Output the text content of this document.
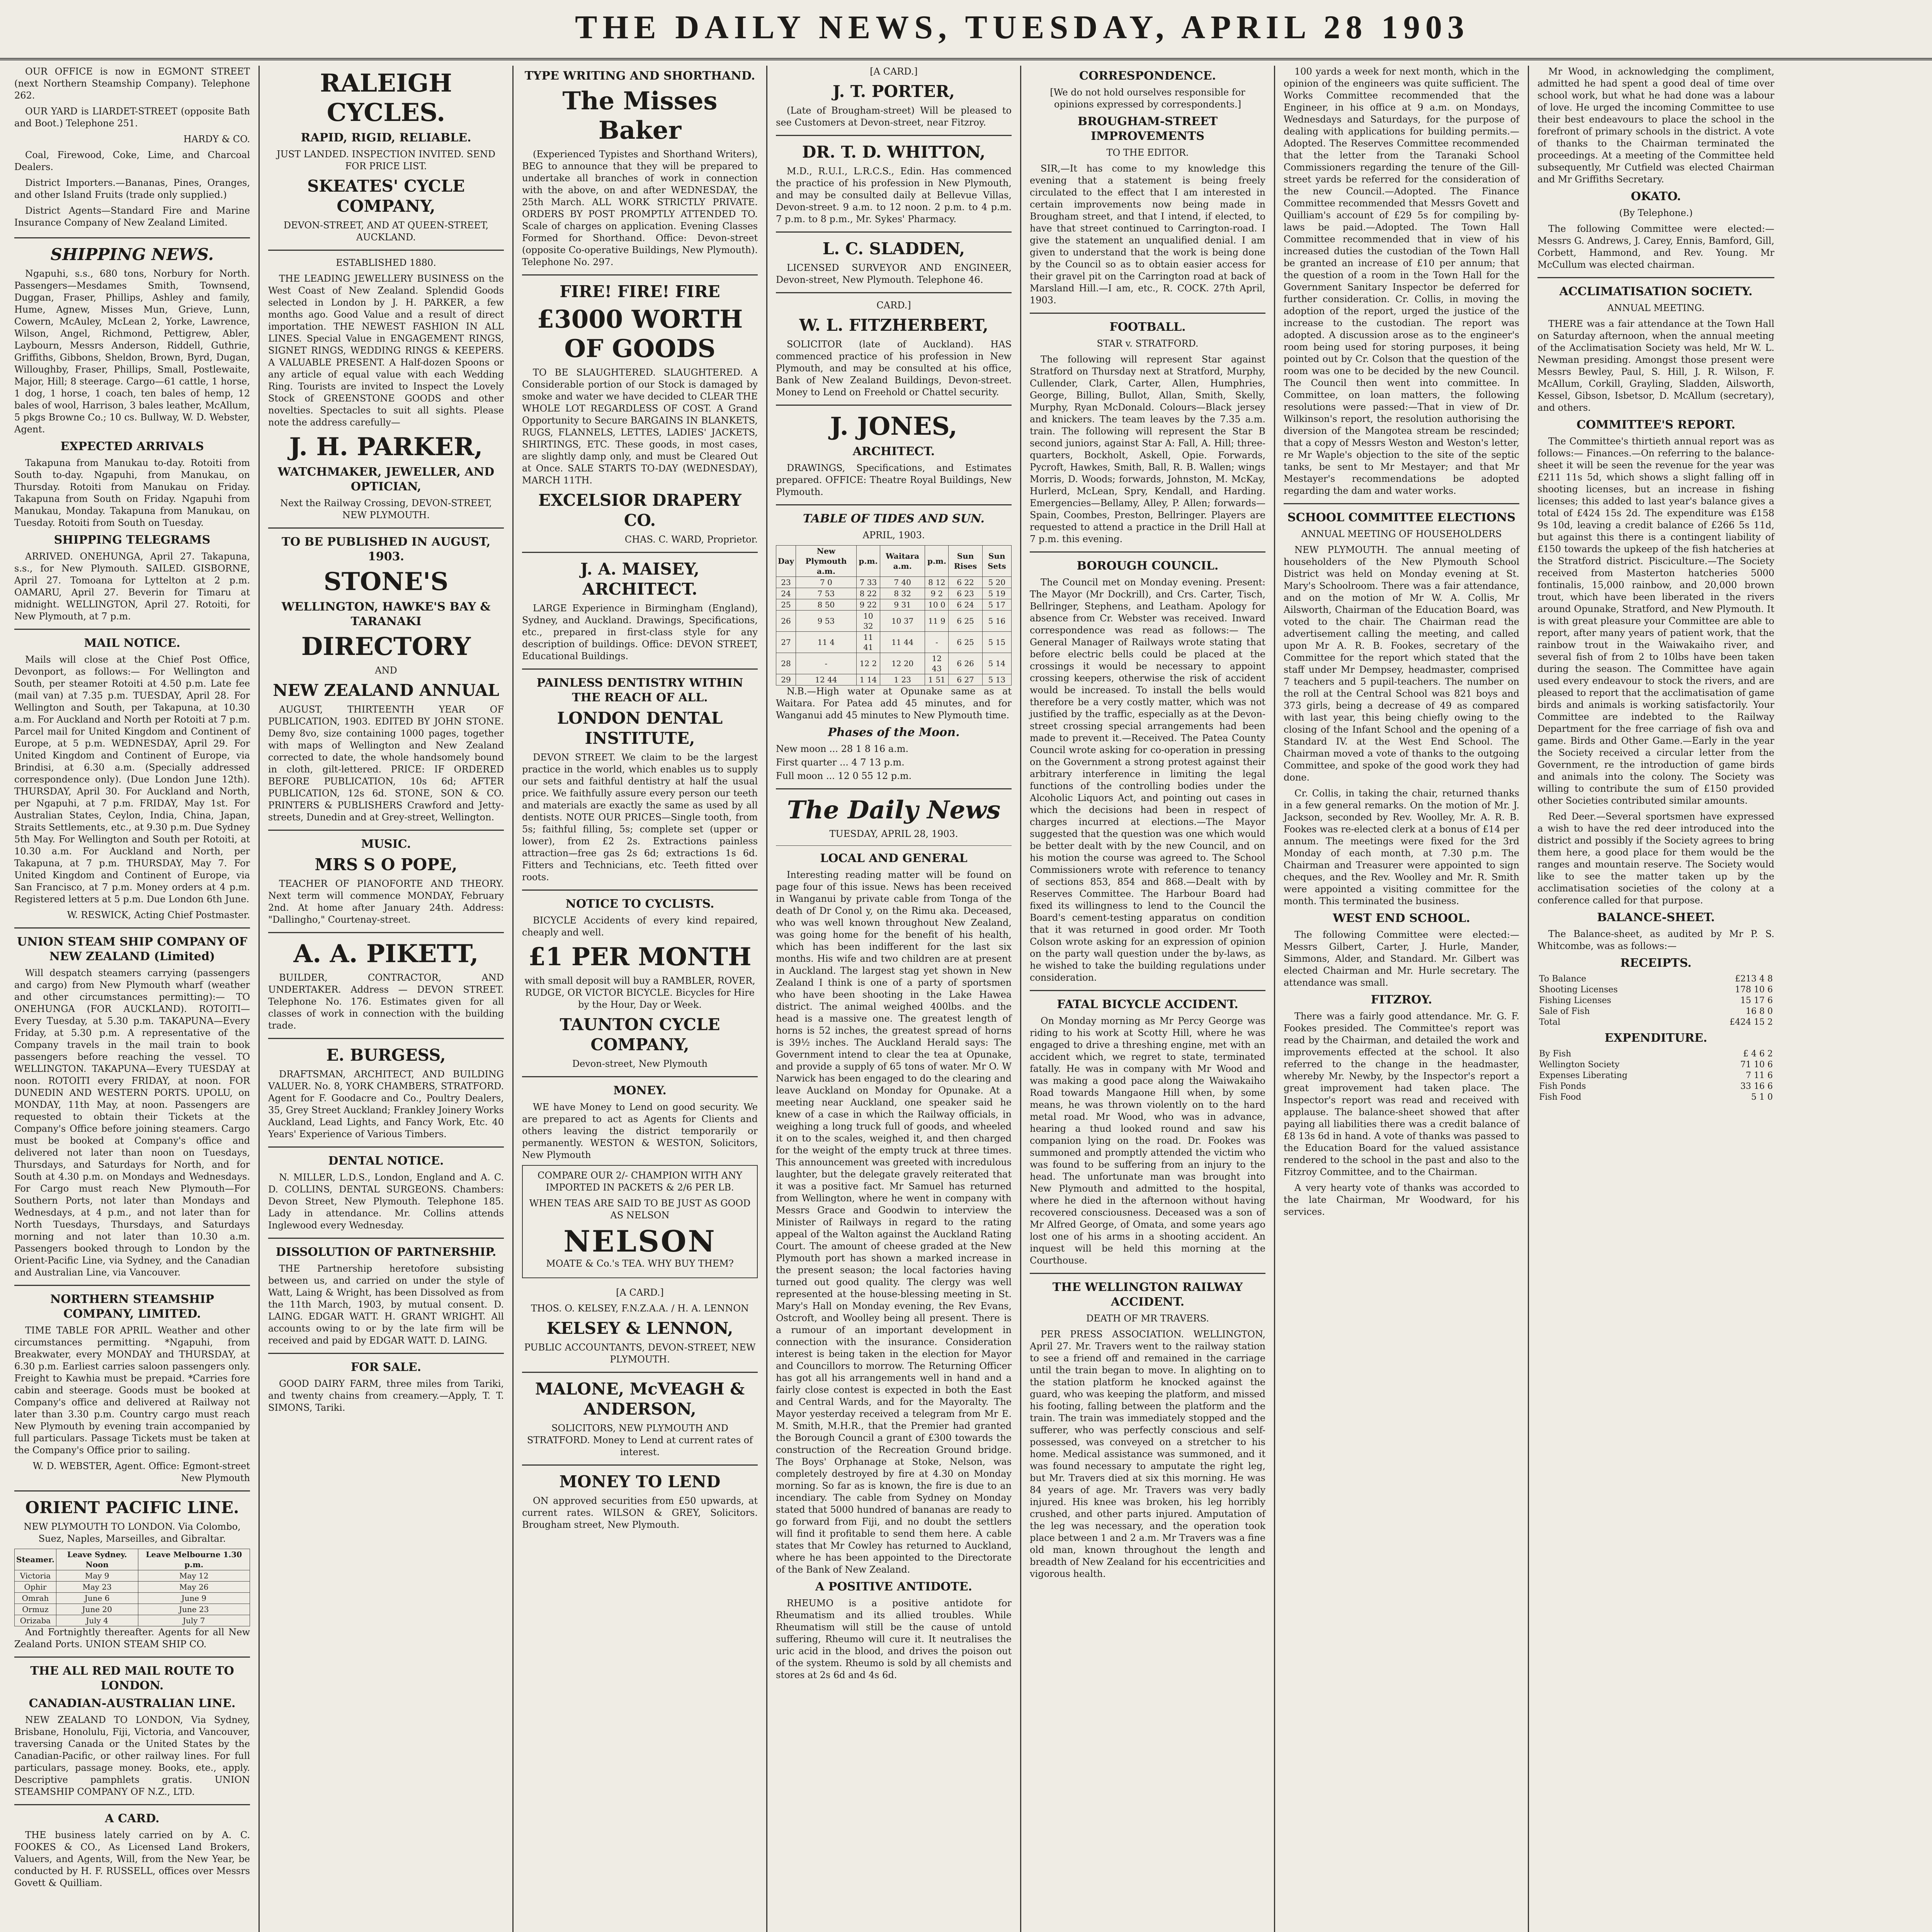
THE DAILY NEWS, TUESDAY, APRIL 28 1903

OUR OFFICE is now in EGMONT STREET (next Northern Steamship Company). Telephone 262.

OUR YARD is LIARDET-STREET (opposite Bath and Boot.) Telephone 251.

HARDY & CO.

Coal, Firewood, Coke, Lime, and Charcoal Dealers.

District Importers.—Bananas, Pines, Oranges, and other Island Fruits (trade only supplied.)

District Agents—Standard Fire and Marine Insurance Company of New Zealand Limited.

SHIPPING NEWS.

Ngapuhi, s.s., 680 tons, Norbury for North. Passengers—Mesdames Smith, Townsend, Duggan, Fraser, Phillips, Ashley and family, Hume, Agnew, Misses Mun, Grieve, Lunn, Cowern, McAuley, McLean 2, Yorke, Lawrence, Wilson, Angel, Richmond, Pettigrew, Abler, Laybourn, Messrs Anderson, Riddell, Guthrie, Griffiths, Gibbons, Sheldon, Brown, Byrd, Dugan, Willoughby, Fraser, Phillips, Small, Postlewaite, Major, Hill; 8 steerage. Cargo—61 cattle, 1 horse, 1 dog, 1 horse, 1 coach, ten bales of hemp, 12 bales of wool, Harrison, 3 bales leather, McAllum, 5 pkgs Browne Co.; 10 cs. Bullway, W. D. Webster, Agent.

EXPECTED ARRIVALS

Takapuna from Manukau to-day. Rotoiti from South to-day. Ngapuhi, from Manukau, on Thursday. Rotoiti from Manukau on Friday. Takapuna from South on Friday. Ngapuhi from Manukau, Monday. Takapuna from Manukau, on Tuesday. Rotoiti from South on Tuesday.

SHIPPING TELEGRAMS

ARRIVED. ONEHUNGA, April 27. Takapuna, s.s., for New Plymouth. SAILED. GISBORNE, April 27. Tomoana for Lyttelton at 2 p.m. OAMARU, April 27. Beverin for Timaru at midnight. WELLINGTON, April 27. Rotoiti, for New Plymouth, at 7 p.m.

MAIL NOTICE.

Mails will close at the Chief Post Office, Devonport, as follows:— For Wellington and South, per steamer Rotoiti at 4.50 p.m. Late fee (mail van) at 7.35 p.m. TUESDAY, April 28. For Wellington and South, per Takapuna, at 10.30 a.m. For Auckland and North per Rotoiti at 7 p.m. Parcel mail for United Kingdom and Continent of Europe, at 5 p.m. WEDNESDAY, April 29. For United Kingdom and Continent of Europe, via Brindisi, at 6.30 a.m. (Specially addressed correspondence only). (Due London June 12th). THURSDAY, April 30. For Auckland and North, per Ngapuhi, at 7 p.m. FRIDAY, May 1st. For Australian States, Ceylon, India, China, Japan, Straits Settlements, etc., at 9.30 p.m. Due Sydney 5th May. For Wellington and South per Rotoiti, at 10.30 a.m. For Auckland and North, per Takapuna, at 7 p.m. THURSDAY, May 7. For United Kingdom and Continent of Europe, via San Francisco, at 7 p.m. Money orders at 4 p.m. Registered letters at 5 p.m. Due London 6th June.

W. RESWICK, Acting Chief Postmaster.

UNION STEAM SHIP COMPANY OF NEW ZEALAND (Limited)

Will despatch steamers carrying (passengers and cargo) from New Plymouth wharf (weather and other circumstances permitting):— TO ONEHUNGA (FOR AUCKLAND). ROTOITI—Every Tuesday, at 5.30 p.m. TAKAPUNA—Every Friday, at 5.30 p.m. A representative of the Company travels in the mail train to book passengers before reaching the vessel. TO WELLINGTON. TAKAPUNA—Every TUESDAY at noon. ROTOITI every FRIDAY, at noon. FOR DUNEDIN AND WESTERN PORTS. UPOLU, on MONDAY, 11th May, at noon. Passengers are requested to obtain their Tickets at the Company's Office before joining steamers. Cargo must be booked at Company's office and delivered not later than noon on Tuesdays, Thursdays, and Saturdays for North, and for South at 4.30 p.m. on Mondays and Wednesdays. For Cargo must reach New Plymouth—For Southern Ports, not later than Mondays and Wednesdays, at 4 p.m., and not later than for North Tuesdays, Thursdays, and Saturdays morning and not later than 10.30 a.m. Passengers booked through to London by the Orient-Pacific Line, via Sydney, and the Canadian and Australian Line, via Vancouver.

NORTHERN STEAMSHIP COMPANY, LIMITED.

TIME TABLE FOR APRIL. Weather and other circumstances permitting. *Ngapuhi, from Breakwater, every MONDAY and THURSDAY, at 6.30 p.m. Earliest carries saloon passengers only. Freight to Kawhia must be prepaid. *Carries fore cabin and steerage. Goods must be booked at Company's office and delivered at Railway not later than 3.30 p.m. Country cargo must reach New Plymouth by evening train accompanied by full particulars. Passage Tickets must be taken at the Company's Office prior to sailing.

W. D. WEBSTER, Agent. Office: Egmont-street New Plymouth

ORIENT PACIFIC LINE.

NEW PLYMOUTH TO LONDON. Via Colombo, Suez, Naples, Marseilles, and Gibraltar.

Steamer.	Leave Sydney. Noon	Leave Melbourne 1.30 p.m.
Victoria	May 9	May 12
Ophir	May 23	May 26
Omrah	June 6	June 9
Ormuz	June 20	June 23
Orizaba	July 4	July 7

And Fortnightly thereafter. Agents for all New Zealand Ports. UNION STEAM SHIP CO.

THE ALL RED MAIL ROUTE TO LONDON.
CANADIAN-AUSTRALIAN LINE.

NEW ZEALAND TO LONDON, Via Sydney, Brisbane, Honolulu, Fiji, Victoria, and Vancouver, traversing Canada or the United States by the Canadian-Pacific, or other railway lines. For full particulars, passage money. Books, ete., apply. Descriptive pamphlets gratis. UNION STEAMSHIP COMPANY OF N.Z., LTD.

A CARD.

THE business lately carried on by A. C. FOOKES & CO., As Licensed Land Brokers, Valuers, and Agents, Will, from the New Year, be conducted by H. F. RUSSELL, offices over Messrs Govett & Quilliam.

RALEIGH CYCLES.
RAPID, RIGID, RELIABLE.

JUST LANDED. INSPECTION INVITED. SEND FOR PRICE LIST.

SKEATES' CYCLE COMPANY,

DEVON-STREET, AND AT QUEEN-STREET, AUCKLAND.

ESTABLISHED 1880.

THE LEADING JEWELLERY BUSINESS on the West Coast of New Zealand. Splendid Goods selected in London by J. H. PARKER, a few months ago. Good Value and a result of direct importation. THE NEWEST FASHION IN ALL LINES. Special Value in ENGAGEMENT RINGS, SIGNET RINGS, WEDDING RINGS & KEEPERS. A VALUABLE PRESENT. A Half-dozen Spoons or any article of equal value with each Wedding Ring. Tourists are invited to Inspect the Lovely Stock of GREENSTONE GOODS and other novelties. Spectacles to suit all sights. Please note the address carefully—

J. H. PARKER,
WATCHMAKER, JEWELLER, AND OPTICIAN,

Next the Railway Crossing, DEVON-STREET, NEW PLYMOUTH.

TO BE PUBLISHED IN AUGUST, 1903.
STONE'S
WELLINGTON, HAWKE'S BAY & TARANAKI
DIRECTORY

AND

NEW ZEALAND ANNUAL

AUGUST, THIRTEENTH YEAR OF PUBLICATION, 1903. EDITED BY JOHN STONE. Demy 8vo, size containing 1000 pages, together with maps of Wellington and New Zealand corrected to date, the whole handsomely bound in cloth, gilt-lettered. PRICE: IF ORDERED BEFORE PUBLICATION, 10s 6d; AFTER PUBLICATION, 12s 6d. STONE, SON & CO. PRINTERS & PUBLISHERS Crawford and Jetty-streets, Dunedin and at Grey-street, Wellington.

MUSIC.
MRS S O POPE,

TEACHER OF PIANOFORTE AND THEORY. Next term will commence MONDAY, February 2nd. At home after January 24th. Address: "Dallingho," Courtenay-street.

A. A. PIKETT,

BUILDER, CONTRACTOR, AND UNDERTAKER. Address — DEVON STREET. Telephone No. 176. Estimates given for all classes of work in connection with the building trade.

E. BURGESS,

DRAFTSMAN, ARCHITECT, AND BUILDING VALUER. No. 8, YORK CHAMBERS, STRATFORD. Agent for F. Goodacre and Co., Poultry Dealers, 35, Grey Street Auckland; Frankley Joinery Works Auckland, Lead Lights, and Fancy Work, Etc. 40 Years' Experience of Various Timbers.

DENTAL NOTICE.

N. MILLER, L.D.S., London, England and A. C. D. COLLINS, DENTAL SURGEONS. Chambers: Devon Street, New Plymouth. Telephone 185. Lady in attendance. Mr. Collins attends Inglewood every Wednesday.

DISSOLUTION OF PARTNERSHIP.

THE Partnership heretofore subsisting between us, and carried on under the style of Watt, Laing & Wright, has been Dissolved as from the 11th March, 1903, by mutual consent. D. LAING. EDGAR WATT. H. GRANT WRIGHT. All accounts owing to or by the late firm will be received and paid by EDGAR WATT. D. LAING.

FOR SALE.

GOOD DAIRY FARM, three miles from Tariki, and twenty chains from creamery.—Apply, T. T. SIMONS, Tariki.

TYPE WRITING AND SHORTHAND.
The Misses Baker

(Experienced Typistes and Shorthand Writers), BEG to announce that they will be prepared to undertake all branches of work in connection with the above, on and after WEDNESDAY, the 25th March. ALL WORK STRICTLY PRIVATE. ORDERS BY POST PROMPTLY ATTENDED TO. Scale of charges on application. Evening Classes Formed for Shorthand. Office: Devon-street (opposite Co-operative Buildings, New Plymouth). Telephone No. 297.

FIRE! FIRE! FIRE
£3000 WORTH OF GOODS

TO BE SLAUGHTERED. SLAUGHTERED. A Considerable portion of our Stock is damaged by smoke and water we have decided to CLEAR THE WHOLE LOT REGARDLESS OF COST. A Grand Opportunity to Secure BARGAINS IN BLANKETS, RUGS, FLANNELS, LETTES, LADIES' JACKETS, SHIRTINGS, ETC. These goods, in most cases, are slightly damp only, and must be Cleared Out at Once. SALE STARTS TO-DAY (WEDNESDAY), MARCH 11TH.

EXCELSIOR DRAPERY CO.

CHAS. C. WARD, Proprietor.

J. A. MAISEY, ARCHITECT.

LARGE Experience in Birmingham (England), Sydney, and Auckland. Drawings, Specifications, etc., prepared in first-class style for any description of buildings. Office: DEVON STREET, Educational Buildings.

PAINLESS DENTISTRY WITHIN THE REACH OF ALL.
LONDON DENTAL INSTITUTE,

DEVON STREET. We claim to be the largest practice in the world, which enables us to supply our sets and faithful dentistry at half the usual price. We faithfully assure every person our teeth and materials are exactly the same as used by all dentists. NOTE OUR PRICES—Single tooth, from 5s; faithful filling, 5s; complete set (upper or lower), from £2 2s. Extractions painless attraction—free gas 2s 6d; extractions 1s 6d. Fitters and Technicians, etc. Teeth fitted over roots.

NOTICE TO CYCLISTS.

BICYCLE Accidents of every kind repaired, cheaply and well.

£1 PER MONTH

with small deposit will buy a RAMBLER, ROVER, RUDGE, OR VICTOR BICYCLE. Bicycles for Hire by the Hour, Day or Week.

TAUNTON CYCLE COMPANY,

Devon-street, New Plymouth

MONEY.

WE have Money to Lend on good security. We are prepared to act as Agents for Clients and others leaving the district temporarily or permanently. WESTON & WESTON, Solicitors, New Plymouth

COMPARE OUR 2/- CHAMPION WITH ANY IMPORTED IN PACKETS & 2/6 PER LB.

WHEN TEAS ARE SAID TO BE JUST AS GOOD AS NELSON

NELSON

MOATE & Co.'s TEA. WHY BUY THEM?

[A CARD.]

THOS. O. KELSEY, F.N.Z.A.A. / H. A. LENNON

KELSEY & LENNON,

PUBLIC ACCOUNTANTS, DEVON-STREET, NEW PLYMOUTH.

MALONE, McVEAGH & ANDERSON,

SOLICITORS, NEW PLYMOUTH AND STRATFORD. Money to Lend at current rates of interest.

MONEY TO LEND

ON approved securities from £50 upwards, at current rates. WILSON & GREY, Solicitors. Brougham street, New Plymouth.

[A CARD.]

J. T. PORTER,

(Late of Brougham-street) Will be pleased to see Customers at Devon-street, near Fitzroy.

DR. T. D. WHITTON,

M.D., R.U.I., L.R.C.S., Edin. Has commenced the practice of his profession in New Plymouth, and may be consulted daily at Bellevue Villas, Devon-street. 9 a.m. to 12 noon. 2 p.m. to 4 p.m. 7 p.m. to 8 p.m., Mr. Sykes' Pharmacy.

L. C. SLADDEN,

LICENSED SURVEYOR AND ENGINEER, Devon-street, New Plymouth. Telephone 46.

CARD.]

W. L. FITZHERBERT,

SOLICITOR (late of Auckland). HAS commenced practice of his profession in New Plymouth, and may be consulted at his office, Bank of New Zealand Buildings, Devon-street. Money to Lend on Freehold or Chattel security.

J. JONES,
ARCHITECT.

DRAWINGS, Specifications, and Estimates prepared. OFFICE: Theatre Royal Buildings, New Plymouth.

TABLE OF TIDES AND SUN.

APRIL, 1903.

Day	New Plymouth a.m.	p.m.	Waitara a.m.	p.m.	Sun Rises	Sun Sets
23	7 0	7 33	7 40	8 12	6 22	5 20
24	7 53	8 22	8 32	9 2	6 23	5 19
25	8 50	9 22	9 31	10 0	6 24	5 17
26	9 53	10 32	10 37	11 9	6 25	5 16
27	11 4	11 41	11 44	-	6 25	5 15
28	-	12 2	12 20	12 43	6 26	5 14
29	12 44	1 14	1 23	1 51	6 27	5 13

N.B.—High water at Opunake same as at Waitara. For Patea add 45 minutes, and for Wanganui add 45 minutes to New Plymouth time.

Phases of the Moon.

New moon ... 28 1 8 16 a.m.

First quarter ... 4 7 13 p.m.

Full moon ... 12 0 55 12 p.m.

The Daily News

TUESDAY, APRIL 28, 1903.

LOCAL AND GENERAL

Interesting reading matter will be found on page four of this issue. News has been received in Wanganui by private cable from Tonga of the death of Dr Conol y, on the Rimu aka. Deceased, who was well known throughout New Zealand, was going home for the benefit of his health, which has been indifferent for the last six months. His wife and two children are at present in Auckland. The largest stag yet shown in New Zealand I think is one of a party of sportsmen who have been shooting in the Lake Hawea district. The animal weighed 400lbs. and the head is a massive one. The greatest length of horns is 52 inches, the greatest spread of horns is 39½ inches. The Auckland Herald says: The Government intend to clear the tea at Opunake, and provide a supply of 65 tons of water. Mr O. W Narwick has been engaged to do the clearing and leave Auckland on Monday for Opunake. At a meeting near Auckland, one speaker said he knew of a case in which the Railway officials, in weighing a long truck full of goods, and wheeled it on to the scales, weighed it, and then charged for the weight of the empty truck at three times. This announcement was greeted with incredulous laughter, but the delegate gravely reiterated that it was a positive fact. Mr Samuel has returned from Wellington, where he went in company with Messrs Grace and Goodwin to interview the Minister of Railways in regard to the rating appeal of the Walton against the Auckland Rating Court. The amount of cheese graded at the New Plymouth port has shown a marked increase in the present season; the local factories having turned out good quality. The clergy was well represented at the house-blessing meeting in St. Mary's Hall on Monday evening, the Rev Evans, Ostcroft, and Woolley being all present. There is a rumour of an important development in connection with the insurance. Consideration interest is being taken in the election for Mayor and Councillors to morrow. The Returning Officer has got all his arrangements well in hand and a fairly close contest is expected in both the East and Central Wards, and for the Mayoralty. The Mayor yesterday received a telegram from Mr E. M. Smith, M.H.R., that the Premier had granted the Borough Council a grant of £300 towards the construction of the Recreation Ground bridge. The Boys' Orphanage at Stoke, Nelson, was completely destroyed by fire at 4.30 on Monday morning. So far as is known, the fire is due to an incendiary. The cable from Sydney on Monday stated that 5000 hundred of bananas are ready to go forward from Fiji, and no doubt the settlers will find it profitable to send them here. A cable states that Mr Cowley has returned to Auckland, where he has been appointed to the Directorate of the Bank of New Zealand.

A POSITIVE ANTIDOTE.

RHEUMO is a positive antidote for Rheumatism and its allied troubles. While Rheumatism will still be the cause of untold suffering, Rheumo will cure it. It neutralises the uric acid in the blood, and drives the poison out of the system. Rheumo is sold by all chemists and stores at 2s 6d and 4s 6d.

CORRESPONDENCE.

[We do not hold ourselves responsible for opinions expressed by correspondents.]

BROUGHAM-STREET IMPROVEMENTS

TO THE EDITOR.

SIR,—It has come to my knowledge this evening that a statement is being freely circulated to the effect that I am interested in certain improvements now being made in Brougham street, and that I intend, if elected, to have that street continued to Carrington-road. I give the statement an unqualified denial. I am given to understand that the work is being done by the Council so as to obtain easier access for their gravel pit on the Carrington road at back of Marsland Hill.—I am, etc., R. COCK. 27th April, 1903.

FOOTBALL.

STAR v. STRATFORD.

The following will represent Star against Stratford on Thursday next at Stratford, Murphy, Cullender, Clark, Carter, Allen, Humphries, George, Billing, Bullot, Allan, Smith, Skelly, Murphy, Ryan McDonald. Colours—Black jersey and knickers. The team leaves by the 7.35 a.m. train. The following will represent the Star B second juniors, against Star A: Fall, A. Hill; three-quarters, Bockholt, Askell, Opie. Forwards, Pycroft, Hawkes, Smith, Ball, R. B. Wallen; wings Morris, D. Woods; forwards, Johnston, M. McKay, Hurlerd, McLean, Spry, Kendall, and Harding. Emergencies—Bellamy, Alley, P. Allen; forwards—Spain, Coombes, Preston, Bellringer. Players are requested to attend a practice in the Drill Hall at 7 p.m. this evening.

BOROUGH COUNCIL.

The Council met on Monday evening. Present: The Mayor (Mr Dockrill), and Crs. Carter, Tisch, Bellringer, Stephens, and Leatham. Apology for absence from Cr. Webster was received. Inward correspondence was read as follows:— The General Manager of Railways wrote stating that before electric bells could be placed at the crossings it would be necessary to appoint crossing keepers, otherwise the risk of accident would be increased. To install the bells would therefore be a very costly matter, which was not justified by the traffic, especially as at the Devon-street crossing special arrangements had been made to prevent it.—Received. The Patea County Council wrote asking for co-operation in pressing on the Government a strong protest against their arbitrary interference in limiting the legal functions of the controlling bodies under the Alcoholic Liquors Act, and pointing out cases in which the decisions had been in respect of charges incurred at elections.—The Mayor suggested that the question was one which would be better dealt with by the new Council, and on his motion the course was agreed to. The School Commissioners wrote with reference to tenancy of sections 853, 854 and 868.—Dealt with by Reserves Committee. The Harbour Board had fixed its willingness to lend to the Council the Board's cement-testing apparatus on condition that it was returned in good order. Mr Tooth Colson wrote asking for an expression of opinion on the party wall question under the by-laws, as he wished to take the building regulations under consideration.

FATAL BICYCLE ACCIDENT.

On Monday morning as Mr Percy George was riding to his work at Scotty Hill, where he was engaged to drive a threshing engine, met with an accident which, we regret to state, terminated fatally. He was in company with Mr Wood and was making a good pace along the Waiwakaiho Road towards Mangaone Hill when, by some means, he was thrown violently on to the hard metal road. Mr Wood, who was in advance, hearing a thud looked round and saw his companion lying on the road. Dr. Fookes was summoned and promptly attended the victim who was found to be suffering from an injury to the head. The unfortunate man was brought into New Plymouth and admitted to the hospital, where he died in the afternoon without having recovered consciousness. Deceased was a son of Mr Alfred George, of Omata, and some years ago lost one of his arms in a shooting accident. An inquest will be held this morning at the Courthouse.

THE WELLINGTON RAILWAY ACCIDENT.

DEATH OF MR TRAVERS.

PER PRESS ASSOCIATION. WELLINGTON, April 27. Mr. Travers went to the railway station to see a friend off and remained in the carriage until the train began to move. In alighting on to the station platform he knocked against the guard, who was keeping the platform, and missed his footing, falling between the platform and the train. The train was immediately stopped and the sufferer, who was perfectly conscious and self-possessed, was conveyed on a stretcher to his home. Medical assistance was summoned, and it was found necessary to amputate the right leg, but Mr. Travers died at six this morning. He was 84 years of age. Mr. Travers was very badly injured. His knee was broken, his leg horribly crushed, and other parts injured. Amputation of the leg was necessary, and the operation took place between 1 and 2 a.m. Mr Travers was a fine old man, known throughout the length and breadth of New Zealand for his eccentricities and vigorous health.

100 yards a week for next month, which in the opinion of the engineers was quite sufficient. The Works Committee recommended that the Engineer, in his office at 9 a.m. on Mondays, Wednesdays and Saturdays, for the purpose of dealing with applications for building permits.—Adopted. The Reserves Committee recommended that the letter from the Taranaki School Commissioners regarding the tenure of the Gill-street yards be referred for the consideration of the new Council.—Adopted. The Finance Committee recommended that Messrs Govett and Quilliam's account of £29 5s for compiling by-laws be paid.—Adopted. The Town Hall Committee recommended that in view of his increased duties the custodian of the Town Hall be granted an increase of £10 per annum; that the question of a room in the Town Hall for the Government Sanitary Inspector be deferred for further consideration. Cr. Collis, in moving the adoption of the report, urged the justice of the increase to the custodian. The report was adopted. A discussion arose as to the engineer's room being used for storing purposes, it being pointed out by Cr. Colson that the question of the room was one to be decided by the new Council. The Council then went into committee. In Committee, on loan matters, the following resolutions were passed:—That in view of Dr. Wilkinson's report, the resolution authorising the diversion of the Mangotea stream be rescinded; that a copy of Messrs Weston and Weston's letter, re Mr Waple's objection to the site of the septic tanks, be sent to Mr Mestayer; and that Mr Mestayer's recommendations be adopted regarding the dam and water works.

SCHOOL COMMITTEE ELECTIONS

ANNUAL MEETING OF HOUSEHOLDERS

NEW PLYMOUTH. The annual meeting of householders of the New Plymouth School District was held on Monday evening at St. Mary's Schoolroom. There was a fair attendance, and on the motion of Mr W. A. Collis, Mr Ailsworth, Chairman of the Education Board, was voted to the chair. The Chairman read the advertisement calling the meeting, and called upon Mr A. R. B. Fookes, secretary of the Committee for the report which stated that the staff under Mr Dempsey, headmaster, comprised 7 teachers and 5 pupil-teachers. The number on the roll at the Central School was 821 boys and 373 girls, being a decrease of 49 as compared with last year, this being chiefly owing to the closing of the Infant School and the opening of a Standard IV. at the West End School. The Chairman moved a vote of thanks to the outgoing Committee, and spoke of the good work they had done.

Cr. Collis, in taking the chair, returned thanks in a few general remarks. On the motion of Mr. J. Jackson, seconded by Rev. Woolley, Mr. A. R. B. Fookes was re-elected clerk at a bonus of £14 per annum. The meetings were fixed for the 3rd Monday of each month, at 7.30 p.m. The Chairman and Treasurer were appointed to sign cheques, and the Rev. Woolley and Mr. R. Smith were appointed a visiting committee for the month. This terminated the business.

WEST END SCHOOL.

The following Committee were elected:—Messrs Gilbert, Carter, J. Hurle, Mander, Simmons, Alder, and Standard. Mr. Gilbert was elected Chairman and Mr. Hurle secretary. The attendance was small.

FITZROY.

There was a fairly good attendance. Mr. G. F. Fookes presided. The Committee's report was read by the Chairman, and detailed the work and improvements effected at the school. It also referred to the change in the headmaster, whereby Mr. Newby, by the Inspector's report a great improvement had taken place. The Inspector's report was read and received with applause. The balance-sheet showed that after paying all liabilities there was a credit balance of £8 13s 6d in hand. A vote of thanks was passed to the Education Board for the valued assistance rendered to the school in the past and also to the Fitzroy Committee, and to the Chairman.

A very hearty vote of thanks was accorded to the late Chairman, Mr Woodward, for his services.

Mr Wood, in acknowledging the compliment, admitted he had spent a good deal of time over school work, but what he had done was a labour of love. He urged the incoming Committee to use their best endeavours to place the school in the forefront of primary schools in the district. A vote of thanks to the Chairman terminated the proceedings. At a meeting of the Committee held subsequently, Mr Cutfield was elected Chairman and Mr Griffiths Secretary.

OKATO.

(By Telephone.)

The following Committee were elected:—Messrs G. Andrews, J. Carey, Ennis, Bamford, Gill, Corbett, Hammond, and Rev. Young. Mr McCullum was elected chairman.

ACCLIMATISATION SOCIETY.

ANNUAL MEETING.

THERE was a fair attendance at the Town Hall on Saturday afternoon, when the annual meeting of the Acclimatisation Society was held, Mr W. L. Newman presiding. Amongst those present were Messrs Bewley, Paul, S. Hill, J. R. Wilson, F. McAllum, Corkill, Grayling, Sladden, Ailsworth, Kessel, Gibson, Isbetsor, D. McAllum (secretary), and others.

COMMITTEE'S REPORT.

The Committee's thirtieth annual report was as follows:— Finances.—On referring to the balance-sheet it will be seen the revenue for the year was £211 11s 5d, which shows a slight falling off in shooting licenses, but an increase in fishing licenses; this added to last year's balance gives a total of £424 15s 2d. The expenditure was £158 9s 10d, leaving a credit balance of £266 5s 11d, but against this there is a contingent liability of £150 towards the upkeep of the fish hatcheries at the Stratford district. Pisciculture.—The Society received from Masterton hatcheries 5000 fontinalis, 15,000 rainbow, and 20,000 brown trout, which have been liberated in the rivers around Opunake, Stratford, and New Plymouth. It is with great pleasure your Committee are able to report, after many years of patient work, that the rainbow trout in the Waiwakaiho river, and several fish of from 2 to 10lbs have been taken during the season. The Committee have again used every endeavour to stock the rivers, and are pleased to report that the acclimatisation of game birds and animals is working satisfactorily. Your Committee are indebted to the Railway Department for the free carriage of fish ova and game. Birds and Other Game.—Early in the year the Society received a circular letter from the Government, re the introduction of game birds and animals into the colony. The Society was willing to contribute the sum of £150 provided other Societies contributed similar amounts.

Red Deer.—Several sportsmen have expressed a wish to have the red deer introduced into the district and possibly if the Society agrees to bring them here, a good place for them would be the ranges and mountain reserve. The Society would like to see the matter taken up by the acclimatisation societies of the colony at a conference called for that purpose.

BALANCE-SHEET.

The Balance-sheet, as audited by Mr P. S. Whitcombe, was as follows:—

RECEIPTS.
To Balance	£213 4 8
Shooting Licenses	178 10 6
Fishing Licenses	15 17 6
Sale of Fish	16 8 0
Total	£424 15 2
EXPENDITURE.
By Fish	£ 4 6 2
Wellington Society	71 10 6
Expenses Liberating	7 11 6
Fish Ponds	33 16 6
Fish Food	5 1 0
